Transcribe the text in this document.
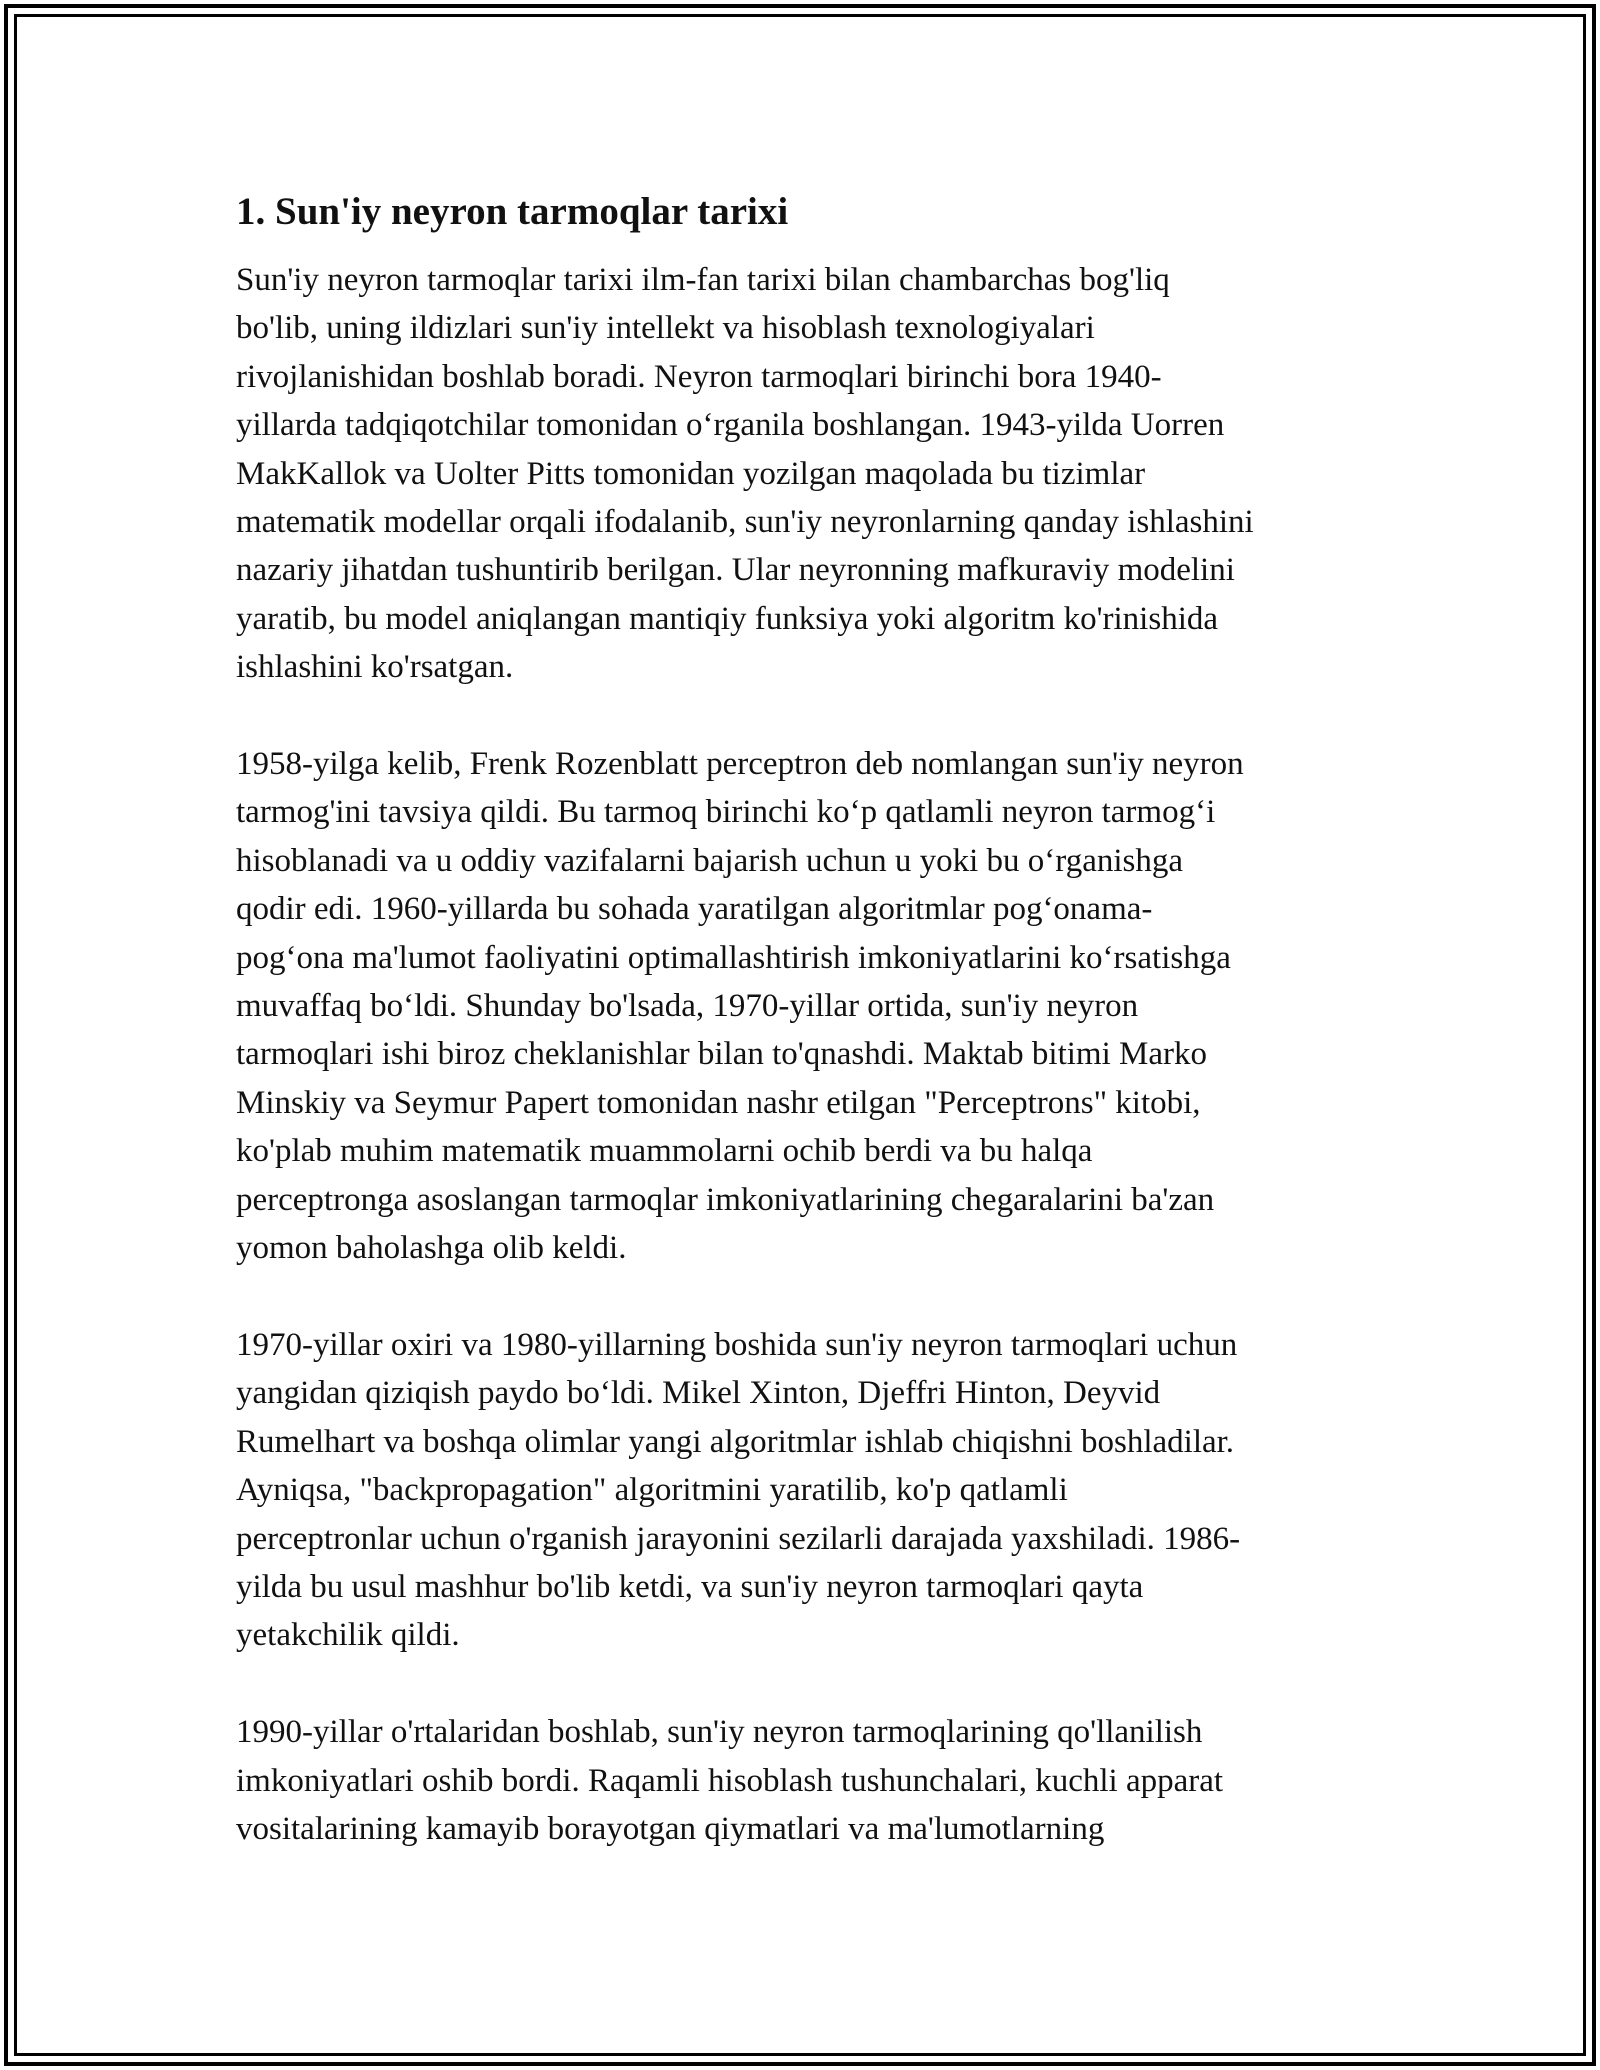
1. Sun'iy neyron tarmoqlar tarixi

Sun'iy neyron tarmoqlar tarixi ilm-fan tarixi bilan chambarchas bog'liq
bo'lib, uning ildizlari sun'iy intellekt va hisoblash texnologiyalari
rivojlanishidan boshlab boradi. Neyron tarmoqlari birinchi bora 1940-
yillarda tadqiqotchilar tomonidan o‘rganila boshlangan. 1943-yilda Uorren
MakKallok va Uolter Pitts tomonidan yozilgan maqolada bu tizimlar
matematik modellar orqali ifodalanib, sun'iy neyronlarning qanday ishlashini
nazariy jihatdan tushuntirib berilgan. Ular neyronning mafkuraviy modelini
yaratib, bu model aniqlangan mantiqiy funksiya yoki algoritm ko'rinishida
ishlashini ko'rsatgan.

1958-yilga kelib, Frenk Rozenblatt perceptron deb nomlangan sun'iy neyron
tarmog'ini tavsiya qildi. Bu tarmoq birinchi ko‘p qatlamli neyron tarmog‘i
hisoblanadi va u oddiy vazifalarni bajarish uchun u yoki bu o‘rganishga
qodir edi. 1960-yillarda bu sohada yaratilgan algoritmlar pog‘onama-
pog‘ona ma'lumot faoliyatini optimallashtirish imkoniyatlarini ko‘rsatishga
muvaffaq bo‘ldi. Shunday bo'lsada, 1970-yillar ortida, sun'iy neyron
tarmoqlari ishi biroz cheklanishlar bilan to'qnashdi. Maktab bitimi Marko
Minskiy va Seymur Papert tomonidan nashr etilgan "Perceptrons" kitobi,
ko'plab muhim matematik muammolarni ochib berdi va bu halqa
perceptronga asoslangan tarmoqlar imkoniyatlarining chegaralarini ba'zan
yomon baholashga olib keldi.

1970-yillar oxiri va 1980-yillarning boshida sun'iy neyron tarmoqlari uchun
yangidan qiziqish paydo bo‘ldi. Mikel Xinton, Djeffri Hinton, Deyvid
Rumelhart va boshqa olimlar yangi algoritmlar ishlab chiqishni boshladilar.
Ayniqsa, "backpropagation" algoritmini yaratilib, ko'p qatlamli
perceptronlar uchun o'rganish jarayonini sezilarli darajada yaxshiladi. 1986-
yilda bu usul mashhur bo'lib ketdi, va sun'iy neyron tarmoqlari qayta
yetakchilik qildi.

1990-yillar o'rtalaridan boshlab, sun'iy neyron tarmoqlarining qo'llanilish
imkoniyatlari oshib bordi. Raqamli hisoblash tushunchalari, kuchli apparat
vositalarining kamayib borayotgan qiymatlari va ma'lumotlarning
